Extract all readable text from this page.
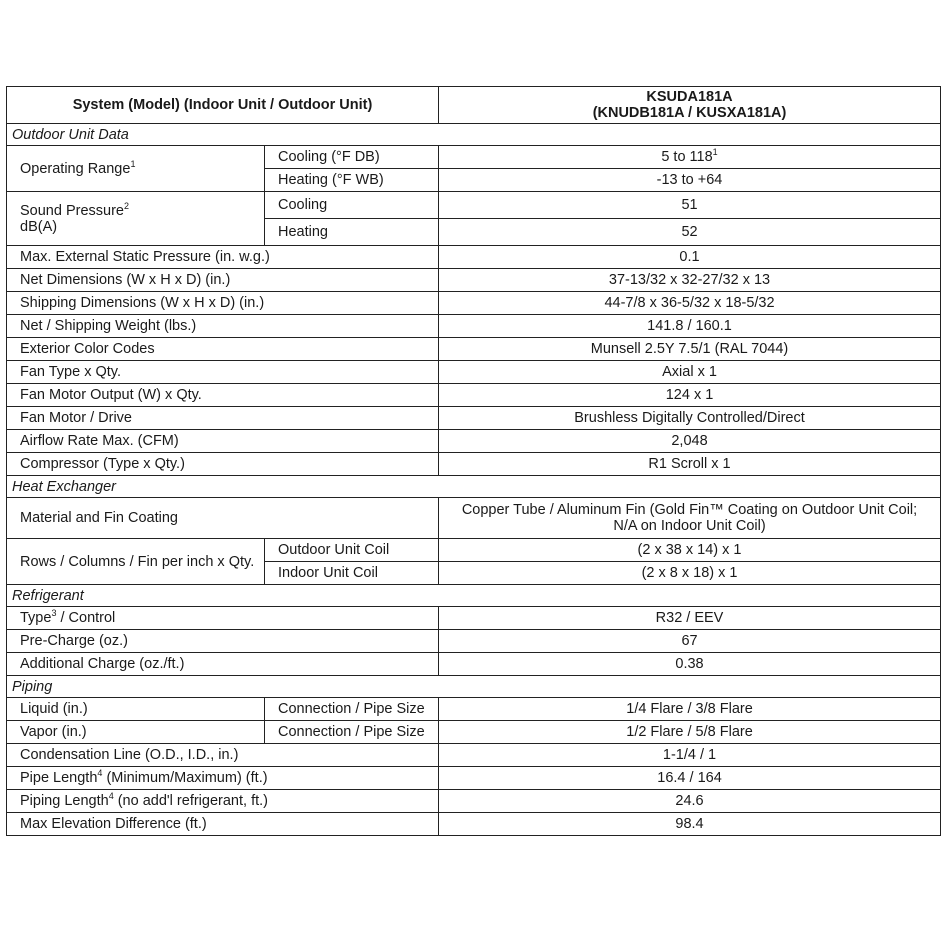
System (Model) (Indoor Unit / Outdoor Unit)		KSUDA181A
(KNUDB181A / KUSXA181A)

Outdoor Unit Data		
Operating Range$^1$	Cooling (°F DB)	5 to $118^1$
	Heating (°F WB)	-13 to +64

Sound Pressure$^2$
dB(A)	Cooling	51
	Heating	52
Max. External Static Pressure (in. w.g.)		0.1
Net Dimensions (W x H x D) (in.)		37-13/32 x 32-27/32 x 13
Shipping Dimensions (W x H x D) (in.)		44-7/8 x 36-5/32 x 18-5/32
Net / Shipping Weight (lbs.)		141.8 / 160.1
Exterior Color Codes		Munsell 2.5Y 7.5/1 (RAL 7044)
Fan Type x Qty.		Axial x 1
Fan Motor Output (W) x Qty.		124 x 1
Fan Motor / Drive		Brushless Digitally Controlled/Direct
Airflow Rate Max. (CFM)		2,048
Compressor (Type x Qty.)		R1 Scroll x 1
Heat Exchanger		
Material and Fin Coating		Copper Tube / Aluminum Fin (Gold Fin™ Coating on Outdoor Unit Coil;
N/A on Indoor Unit Coil)

Rows / Columns / Fin per inch x Qty.	Outdoor Unit Coil	(2 x 38 x 14) x 1
	Indoor Unit Coil	(2 x 8 x 18) x 1
Refrigerant		
Type$^3$ / Control		R32 / EEV
Pre-Charge (oz.)		67
Additional Charge (oz./ft.)		0.38
Piping		
Liquid (in.)	Connection / Pipe Size	1/4 Flare / 3/8 Flare
Vapor (in.)	Connection / Pipe Size	1/2 Flare / 5/8 Flare
Condensation Line (O.D., I.D., in.)		1-1/4 / 1
Pipe Length$^4$ (Minimum/Maximum) (ft.)		16.4 / 164
Piping Length$^4$ (no add'l refrigerant, ft.)		24.6
Max Elevation Difference (ft.)		98.4
